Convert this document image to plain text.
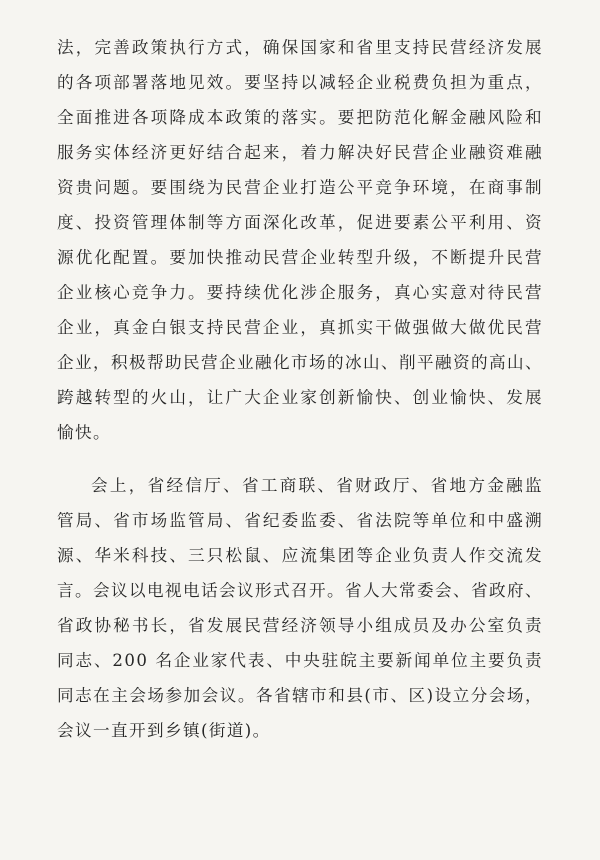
法，完善政策执行方式，确保国家和省里支持民营经济发展
的各项部署落地见效。要坚持以减轻企业税费负担为重点，
全面推进各项降成本政策的落实。要把防范化解金融风险和
服务实体经济更好结合起来，着力解决好民营企业融资难融
资贵问题。要围绕为民营企业打造公平竞争环境，在商事制
度、投资管理体制等方面深化改革，促进要素公平利用、资
源优化配置。要加快推动民营企业转型升级，不断提升民营
企业核心竞争力。要持续优化涉企服务，真心实意对待民营
企业，真金白银支持民营企业，真抓实干做强做大做优民营
企业，积极帮助民营企业融化市场的冰山、削平融资的高山、
跨越转型的火山，让广大企业家创新愉快、创业愉快、发展
愉快。
会上，省经信厅、省工商联、省财政厅、省地方金融监
管局、省市场监管局、省纪委监委、省法院等单位和中盛溯
源、华米科技、三只松鼠、应流集团等企业负责人作交流发
言。会议以电视电话会议形式召开。省人大常委会、省政府、
省政协秘书长，省发展民营经济领导小组成员及办公室负责
同志、200 名企业家代表、中央驻皖主要新闻单位主要负责
同志在主会场参加会议。各省辖市和县(市、区)设立分会场，
会议一直开到乡镇(街道)。
